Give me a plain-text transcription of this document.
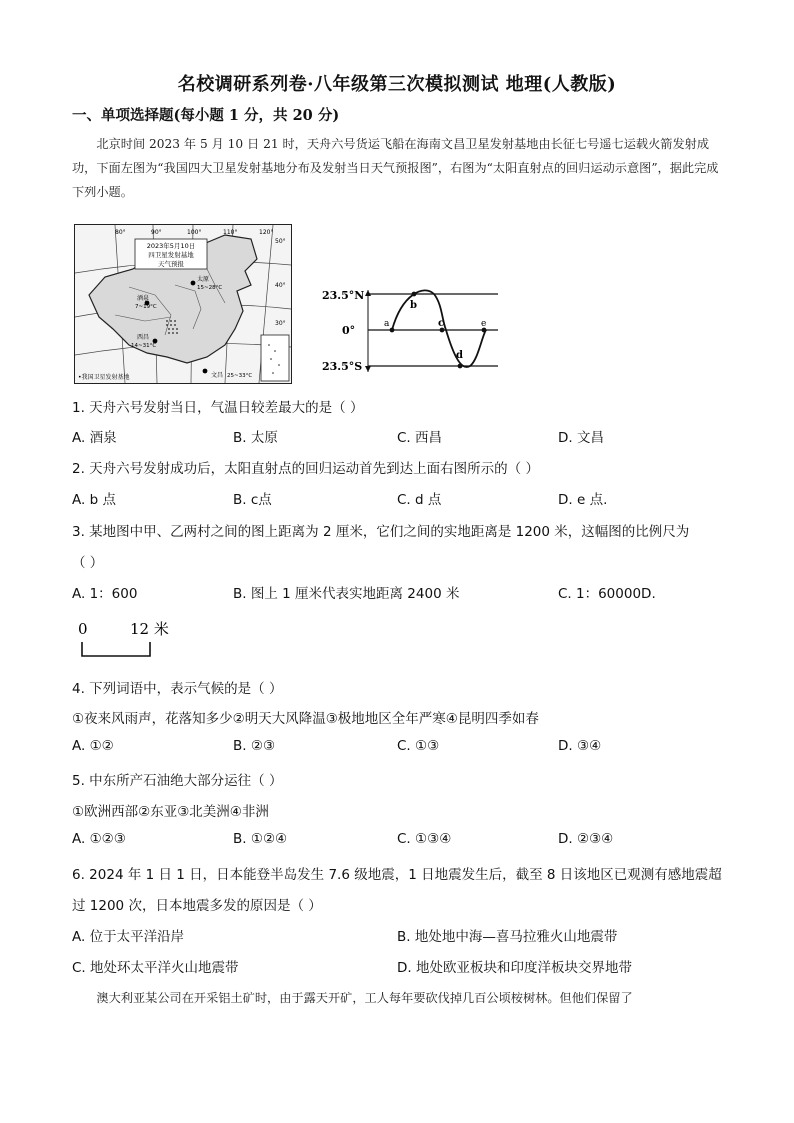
名校调研系列卷·八年级第三次模拟测试 地理(人教版)
一、单项选择题(每小题 1 分，共 20 分)
北京时间 2023 年 5 月 10 日 21 时，天舟六号货运飞船在海南文昌卫星发射基地由长征七号遥七运载火箭发射成功，下面左图为“我国四大卫星发射基地分布及发射当日天气预报图”，右图为“太阳直射点的回归运动示意图”，据此完成下列小题。
2023年5月10日
四卫星发射基地
天气预报
80°	90°	100°	110°	120°
50°
40°
30°
酒泉
7~19°C
太原
15~28°C
西昌
14~31°C
文昌 25~33°C
•我国卫星发射基地
23.5°N
0°
23.5°S
a
b
c
d
e
1. 天舟六号发射当日，气温日较差最大的是（ ）
A. 酒泉	B. 太原	C. 西昌	D. 文昌
2. 天舟六号发射成功后，太阳直射点的回归运动首先到达上面右图所示的（ ）
A. b 点	B. c点	C. d 点	D. e 点.
3. 某地图中甲、乙两村之间的图上距离为 2 厘米，它们之间的实地距离是 1200 米，这幅图的比例尺为
（ ）
A. 1：600	B. 图上 1 厘米代表实地距离 2400 米	C. 1：60000D.
0	12 米
4. 下列词语中，表示气候的是（ ）
①夜来风雨声，花落知多少②明天大风降温③极地地区全年严寒④昆明四季如春
A. ①②	B. ②③	C. ①③	D. ③④
5. 中东所产石油绝大部分运往（ ）
①欧洲西部②东亚③北美洲④非洲
A. ①②③	B. ①②④	C. ①③④	D. ②③④
6. 2024 年 1 日 1 日，日本能登半岛发生 7.6 级地震，1 日地震发生后，截至 8 日该地区已观测有感地震超
过 1200 次，日本地震多发的原因是（ ）
A. 位于太平洋沿岸	B. 地处地中海—喜马拉雅火山地震带
C. 地处环太平洋火山地震带	D. 地处欧亚板块和印度洋板块交界地带
澳大利亚某公司在开采铝土矿时，由于露天开矿，工人每年要砍伐掉几百公顷桉树林。但他们保留了
